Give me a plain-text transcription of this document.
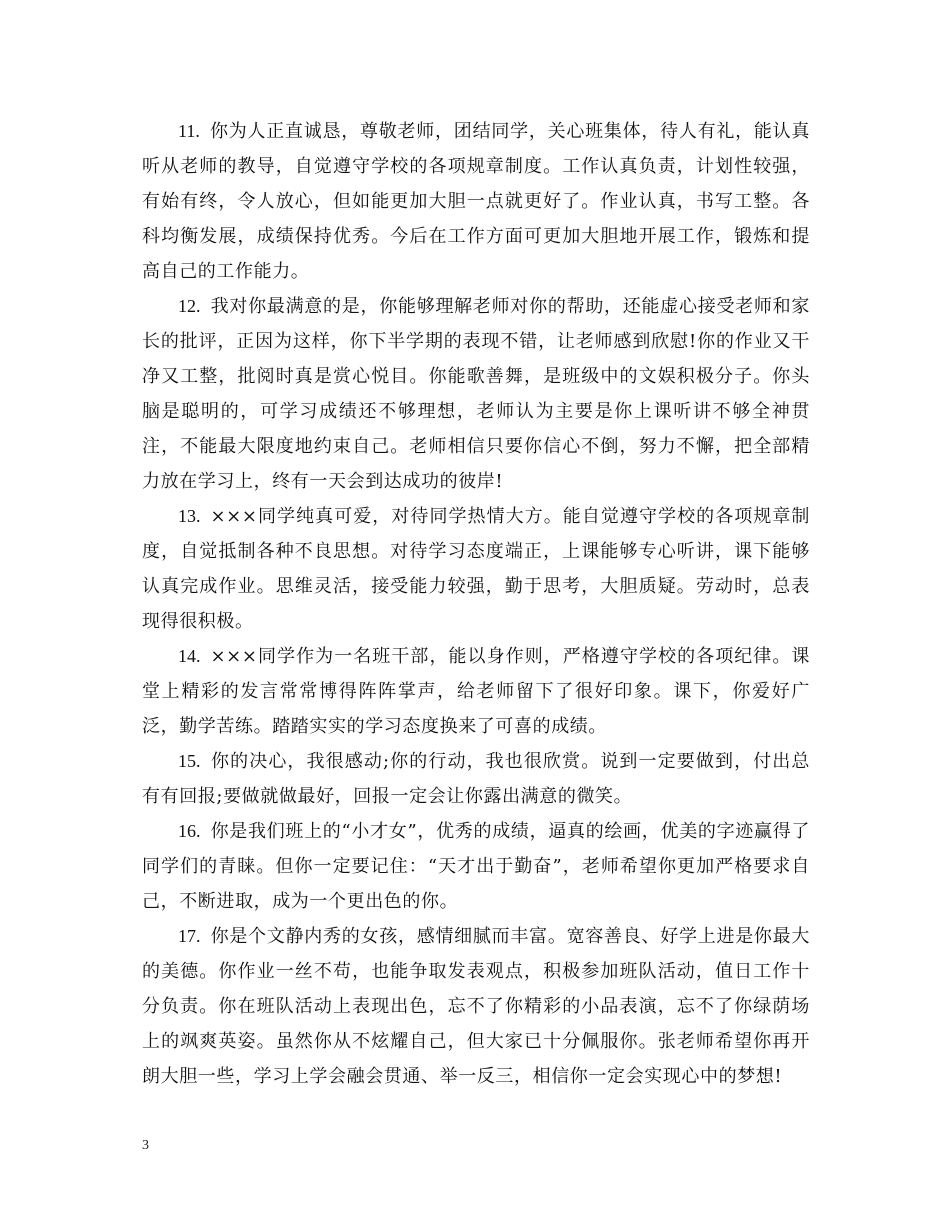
11. 你为人正直诚恳，尊敬老师，团结同学，关心班集体，待人有礼，能认真听从老师的教导，自觉遵守学校的各项规章制度。工作认真负责，计划性较强，有始有终，令人放心，但如能更加大胆一点就更好了。作业认真，书写工整。各科均衡发展，成绩保持优秀。今后在工作方面可更加大胆地开展工作，锻炼和提高自己的工作能力。

12. 我对你最满意的是，你能够理解老师对你的帮助，还能虚心接受老师和家长的批评，正因为这样，你下半学期的表现不错，让老师感到欣慰!你的作业又干净又工整，批阅时真是赏心悦目。你能歌善舞，是班级中的文娱积极分子。你头脑是聪明的，可学习成绩还不够理想，老师认为主要是你上课听讲不够全神贯注，不能最大限度地约束自己。老师相信只要你信心不倒，努力不懈，把全部精力放在学习上，终有一天会到达成功的彼岸!

13. ×××同学纯真可爱，对待同学热情大方。能自觉遵守学校的各项规章制度，自觉抵制各种不良思想。对待学习态度端正，上课能够专心听讲，课下能够认真完成作业。思维灵活，接受能力较强，勤于思考，大胆质疑。劳动时，总表现得很积极。

14. ×××同学作为一名班干部，能以身作则，严格遵守学校的各项纪律。课堂上精彩的发言常常博得阵阵掌声，给老师留下了很好印象。课下，你爱好广泛，勤学苦练。踏踏实实的学习态度换来了可喜的成绩。

15. 你的决心，我很感动;你的行动，我也很欣赏。说到一定要做到，付出总有有回报;要做就做最好，回报一定会让你露出满意的微笑。

16. 你是我们班上的“小才女”，优秀的成绩，逼真的绘画，优美的字迹赢得了同学们的青睐。但你一定要记住：“天才出于勤奋”，老师希望你更加严格要求自己，不断进取，成为一个更出色的你。

17. 你是个文静内秀的女孩，感情细腻而丰富。宽容善良、好学上进是你最大的美德。你作业一丝不苟，也能争取发表观点，积极参加班队活动，值日工作十分负责。你在班队活动上表现出色，忘不了你精彩的小品表演，忘不了你绿荫场上的飒爽英姿。虽然你从不炫耀自己，但大家已十分佩服你。张老师希望你再开朗大胆一些，学习上学会融会贯通、举一反三，相信你一定会实现心中的梦想!

3
